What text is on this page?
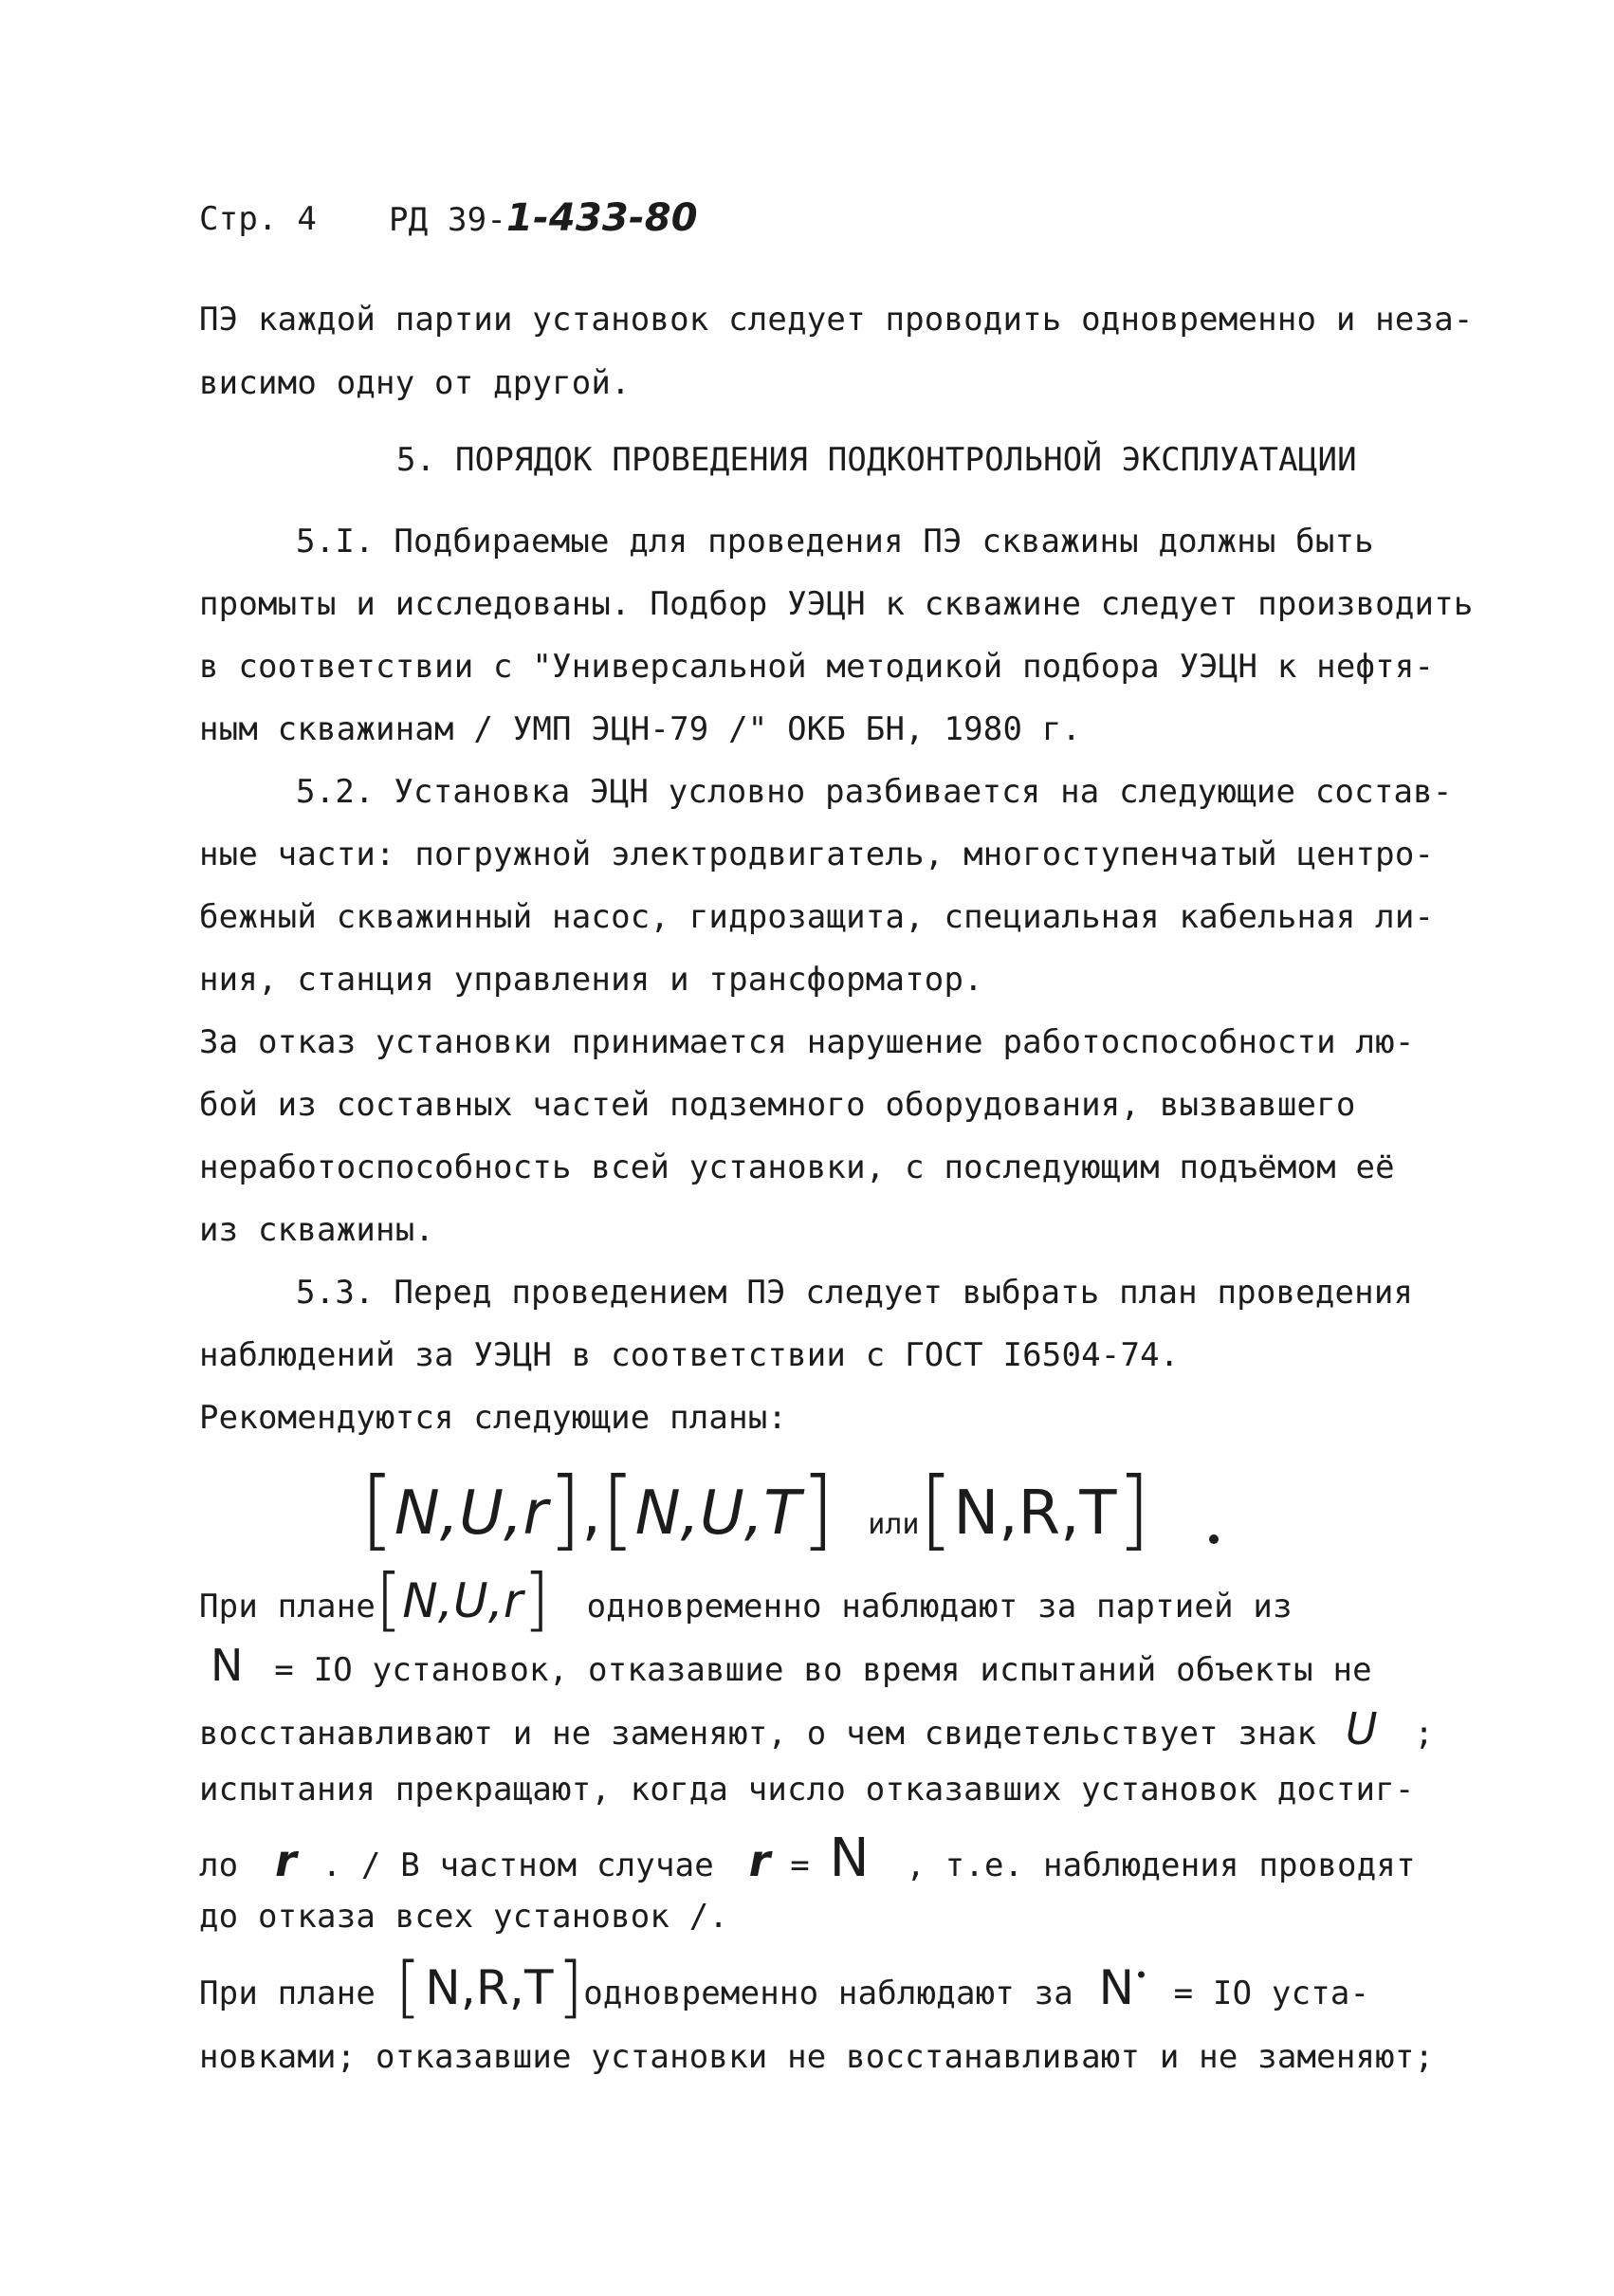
Стр. 4 РД 39-1-433-80
ПЭ каждой партии установок следует проводить одновременно и неза-
висимо одну от другой.
5. ПОРЯДОК ПРОВЕДЕНИЯ ПОДКОНТРОЛЬНОЙ ЭКСПЛУАТАЦИИ
5.I. Подбираемые для проведения ПЭ скважины должны быть
промыты и исследованы. Подбор УЭЦН к скважине следует производить
в соответствии с "Универсальной методикой подбора УЭЦН к нефтя-
ным скважинам / УМП ЭЦН-79 /" ОКБ БН, 1980 г.
5.2. Установка ЭЦН условно разбивается на следующие состав-
ные части: погружной электродвигатель, многоступенчатый центро-
бежный скважинный насос, гидрозащита, специальная кабельная ли-
ния, станция управления и трансформатор.
За отказ установки принимается нарушение работоспособности лю-
бой из составных частей подземного оборудования, вызвавшего
неработоспособность всей установки, с последующим подъёмом её
из скважины.
5.3. Перед проведением ПЭ следует выбрать план проведения
наблюдений за УЭЦН в соответствии с ГОСТ I6504-74.
Рекомендуются следующие планы:
[N,U,r],[N,U,T] или[N,R,T]
При плане[N,U,r] одновременно наблюдают за партией из
N = IO установок, отказавшие во время испытаний объекты не
восстанавливают и не заменяют, о чем свидетельствует знак U ;
испытания прекращают, когда число отказавших установок достиг-
ло r . / В частном случае r = N , т.е. наблюдения проводят
до отказа всех установок /.
При плане [N,R,T]одновременно наблюдают за N• = IO уста-
новками; отказавшие установки не восстанавливают и не заменяют;
